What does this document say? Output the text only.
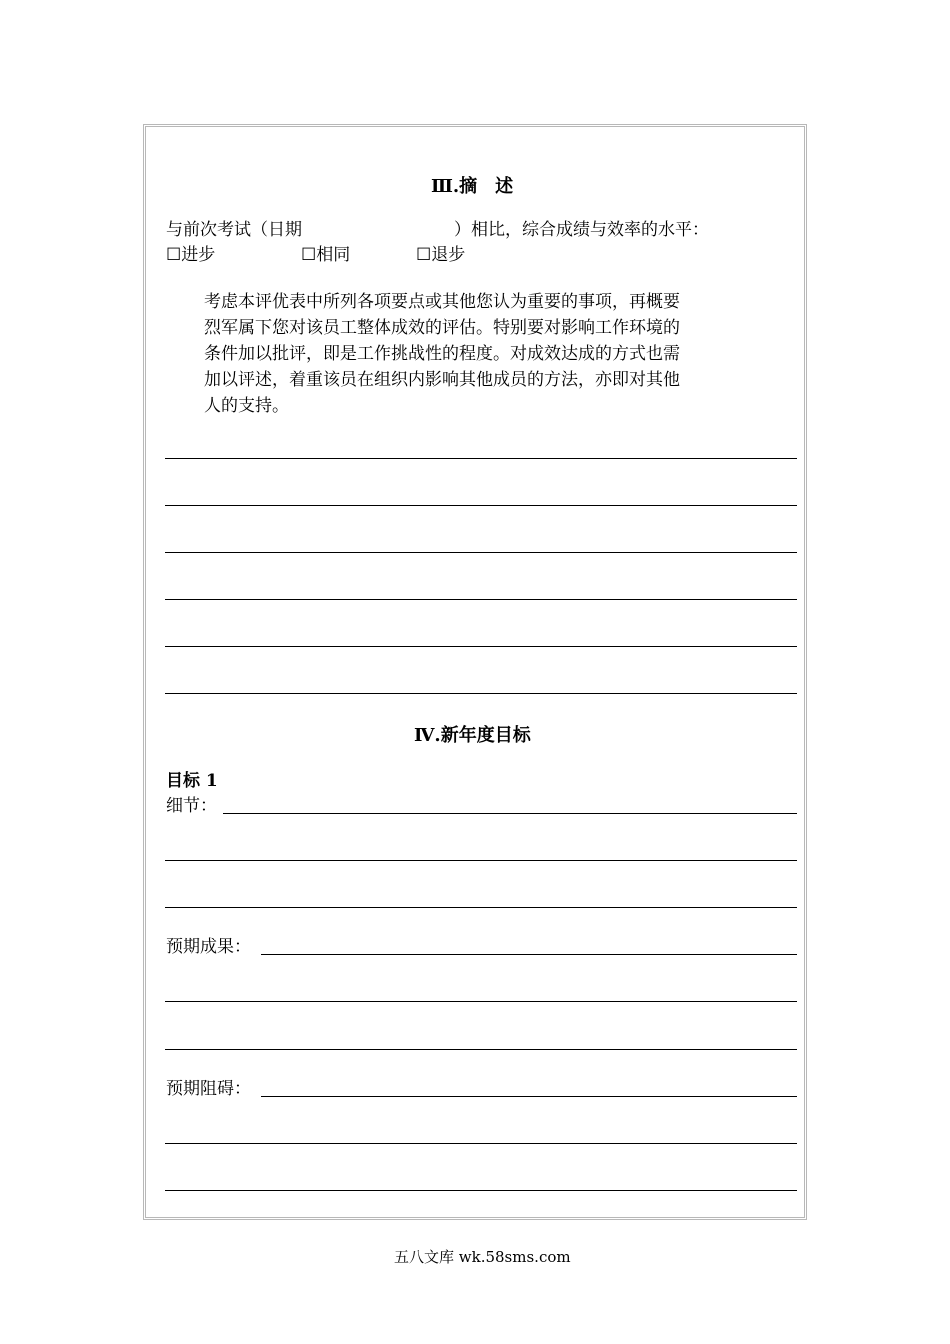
Ⅲ.摘　述
与前次考试（日期	）相比，综合成绩与效率的水平：
☐进步	☐相同	☐退步
考虑本评优表中所列各项要点或其他您认为重要的事项，再概要
烈军属下您对该员工整体成效的评估。特别要对影响工作环境的
条件加以批评，即是工作挑战性的程度。对成效达成的方式也需
加以评述，着重该员在组织内影响其他成员的方法，亦即对其他
人的支持。
Ⅳ.新年度目标
目标 1
细节：
预期成果：
预期阻碍：
五八文库 wk.58sms.com
